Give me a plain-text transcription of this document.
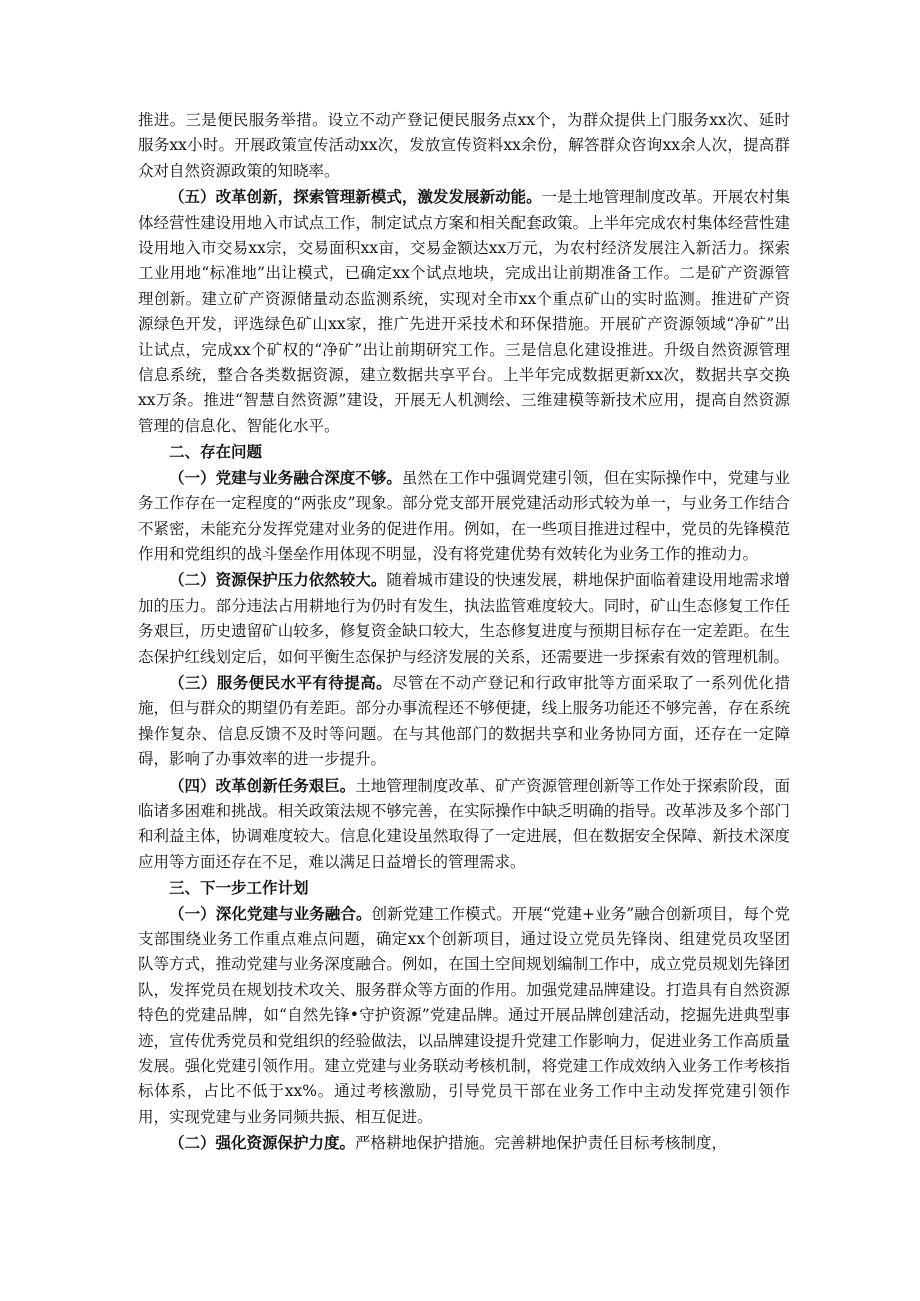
推进。三是便民服务举措。设立不动产登记便民服务点xx个，为群众提供上门服务xx次、延时服务xx小时。开展政策宣传活动xx次，发放宣传资料xx余份，解答群众咨询xx余人次，提高群众对自然资源政策的知晓率。

（五）改革创新，探索管理新模式，激发发展新动能。一是土地管理制度改革。开展农村集体经营性建设用地入市试点工作，制定试点方案和相关配套政策。上半年完成农村集体经营性建设用地入市交易xx宗，交易面积xx亩，交易金额达xx万元，为农村经济发展注入新活力。探索工业用地“标准地”出让模式，已确定xx个试点地块，完成出让前期准备工作。二是矿产资源管理创新。建立矿产资源储量动态监测系统，实现对全市xx个重点矿山的实时监测。推进矿产资源绿色开发，评选绿色矿山xx家，推广先进开采技术和环保措施。开展矿产资源领域“净矿”出让试点，完成xx个矿权的“净矿”出让前期研究工作。三是信息化建设推进。升级自然资源管理信息系统，整合各类数据资源，建立数据共享平台。上半年完成数据更新xx次，数据共享交换xx万条。推进“智慧自然资源”建设，开展无人机测绘、三维建模等新技术应用，提高自然资源管理的信息化、智能化水平。

二、存在问题

（一）党建与业务融合深度不够。虽然在工作中强调党建引领，但在实际操作中，党建与业务工作存在一定程度的“两张皮”现象。部分党支部开展党建活动形式较为单一，与业务工作结合不紧密，未能充分发挥党建对业务的促进作用。例如，在一些项目推进过程中，党员的先锋模范作用和党组织的战斗堡垒作用体现不明显，没有将党建优势有效转化为业务工作的推动力。

（二）资源保护压力依然较大。随着城市建设的快速发展，耕地保护面临着建设用地需求增加的压力。部分违法占用耕地行为仍时有发生，执法监管难度较大。同时，矿山生态修复工作任务艰巨，历史遗留矿山较多，修复资金缺口较大，生态修复进度与预期目标存在一定差距。在生态保护红线划定后，如何平衡生态保护与经济发展的关系，还需要进一步探索有效的管理机制。

（三）服务便民水平有待提高。尽管在不动产登记和行政审批等方面采取了一系列优化措施，但与群众的期望仍有差距。部分办事流程还不够便捷，线上服务功能还不够完善，存在系统操作复杂、信息反馈不及时等问题。在与其他部门的数据共享和业务协同方面，还存在一定障碍，影响了办事效率的进一步提升。

（四）改革创新任务艰巨。土地管理制度改革、矿产资源管理创新等工作处于探索阶段，面临诸多困难和挑战。相关政策法规不够完善，在实际操作中缺乏明确的指导。改革涉及多个部门和利益主体，协调难度较大。信息化建设虽然取得了一定进展，但在数据安全保障、新技术深度应用等方面还存在不足，难以满足日益增长的管理需求。

三、下一步工作计划

（一）深化党建与业务融合。创新党建工作模式。开展“党建+业务”融合创新项目，每个党支部围绕业务工作重点难点问题，确定xx个创新项目，通过设立党员先锋岗、组建党员攻坚团队等方式，推动党建与业务深度融合。例如，在国土空间规划编制工作中，成立党员规划先锋团队，发挥党员在规划技术攻关、服务群众等方面的作用。加强党建品牌建设。打造具有自然资源特色的党建品牌，如“自然先锋•守护资源”党建品牌。通过开展品牌创建活动，挖掘先进典型事迹，宣传优秀党员和党组织的经验做法，以品牌建设提升党建工作影响力，促进业务工作高质量发展。强化党建引领作用。建立党建与业务联动考核机制，将党建工作成效纳入业务工作考核指标体系，占比不低于xx%。通过考核激励，引导党员干部在业务工作中主动发挥党建引领作用，实现党建与业务同频共振、相互促进。

（二）强化资源保护力度。严格耕地保护措施。完善耕地保护责任目标考核制度，
